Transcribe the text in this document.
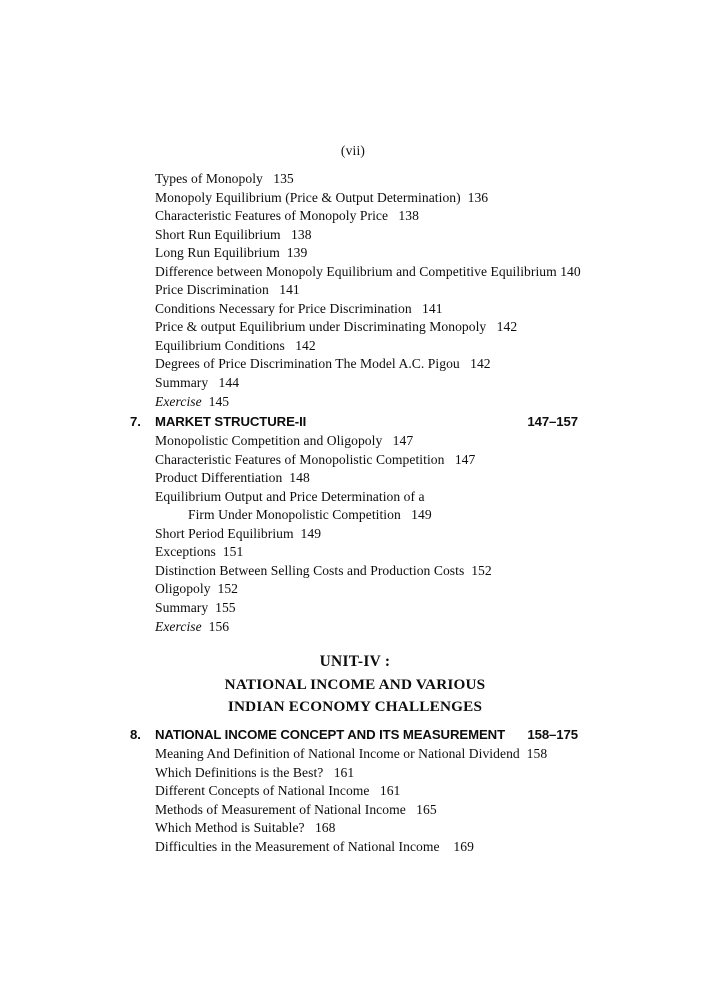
(vii)
Types of Monopoly   135
Monopoly Equilibrium (Price & Output Determination)  136
Characteristic Features of Monopoly Price   138
Short Run Equilibrium   138
Long Run Equilibrium  139
Difference between Monopoly Equilibrium and Competitive Equilibrium 140
Price Discrimination   141
Conditions Necessary for Price Discrimination   141
Price & output Equilibrium under Discriminating Monopoly   142
Equilibrium Conditions   142
Degrees of Price Discrimination The Model A.C. Pigou   142
Summary   144
Exercise  145
7. MARKET STRUCTURE-II	147–157
Monopolistic Competition and Oligopoly   147
Characteristic Features of Monopolistic Competition   147
Product Differentiation  148
Equilibrium Output and Price Determination of a
Firm Under Monopolistic Competition   149
Short Period Equilibrium  149
Exceptions  151
Distinction Between Selling Costs and Production Costs  152
Oligopoly  152
Summary  155
Exercise  156
UNIT-IV :
NATIONAL INCOME AND VARIOUS
INDIAN ECONOMY CHALLENGES
8. NATIONAL INCOME CONCEPT AND ITS MEASUREMENT 158–175
Meaning And Definition of National Income or National Dividend  158
Which Definitions is the Best?   161
Different Concepts of National Income   161
Methods of Measurement of National Income   165
Which Method is Suitable?   168
Difficulties in the Measurement of National Income    169
